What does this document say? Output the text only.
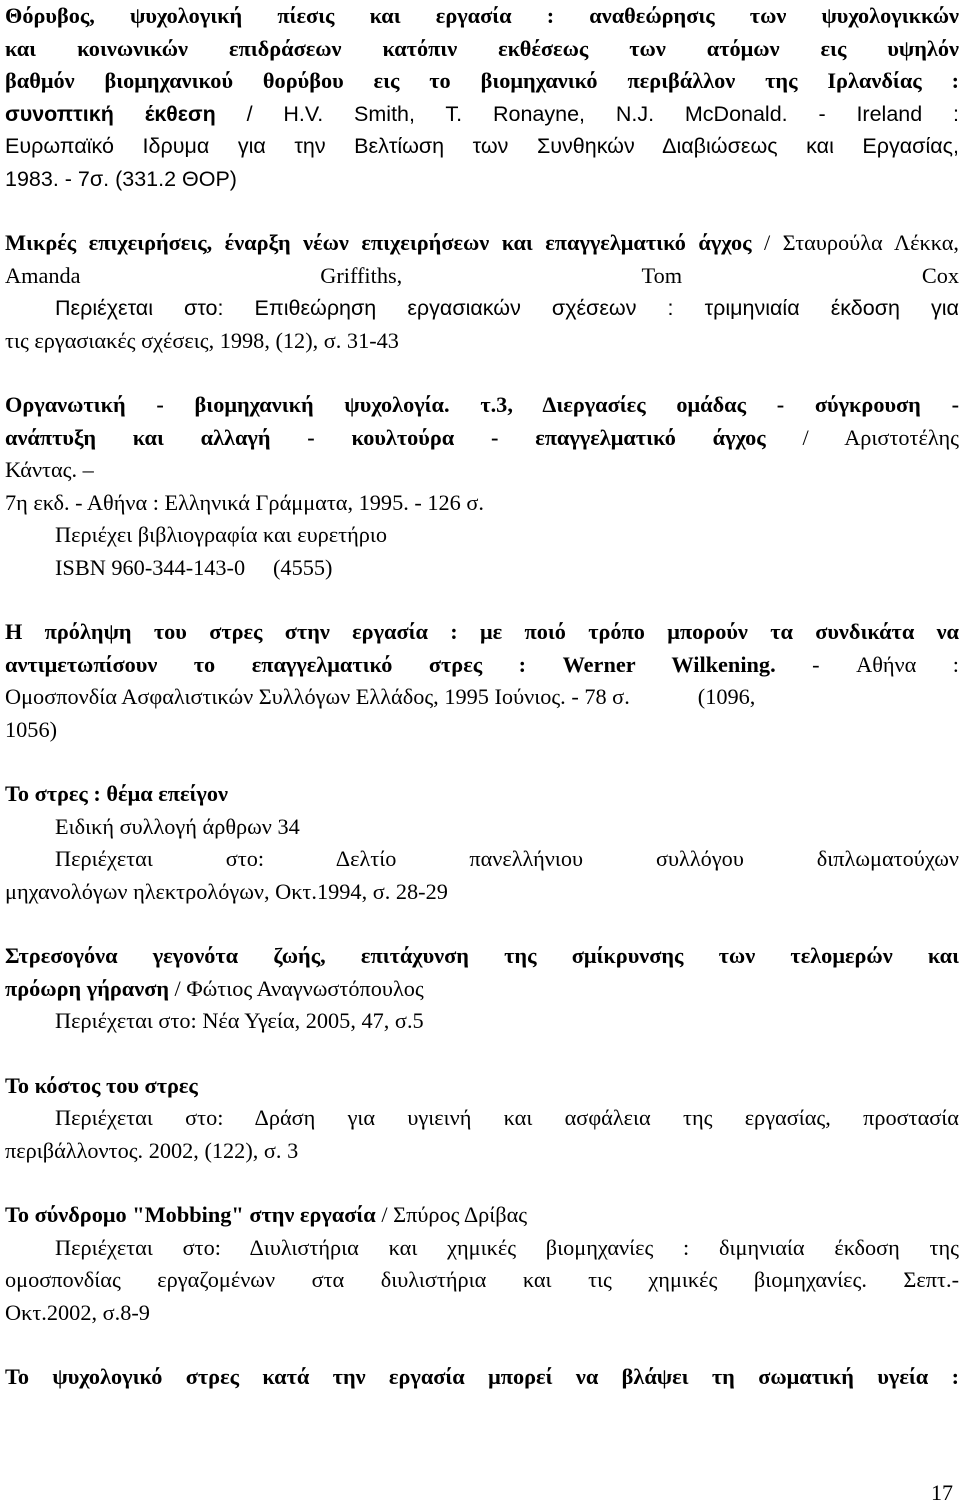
Θόρυβος, ψυχολογική πίεσις και εργασία : αναθεώρησις των ψυχολογικκών

και κοινωνικών επιδράσεων κατόπιν εκθέσεως των ατόμων εις υψηλόν

βαθμόν βιομηχανικού θορύβου εις το βιομηχανικό περιβάλλον της Ιρλανδίας :

συνοπτική έκθεση / H.V. Smith, T. Ronayne, N.J. McDonald. - Ireland :

Ευρωπαϊκό Ιδρυμα για την Βελτίωση των Συνθηκών Διαβιώσεως και Εργασίας,

1983. - 7σ. (331.2 ΘΟΡ)

Μικρές επιχειρήσεις, έναρξη νέων επιχειρήσεων και επαγγελματικό άγχος / Σταυρούλα Λέκκα, Amanda Griffiths, Tom Cox

Περιέχεται στο: Επιθεώρηση εργασιακών σχέσεων : τριμηνιαία έκδοση για

τις εργασιακές σχέσεις, 1998, (12), σ. 31-43

Οργανωτική - βιομηχανική ψυχολογία. τ.3, Διεργασίες ομάδας - σύγκρουση -

ανάπτυξη και αλλαγή - κουλτούρα - επαγγελματικό άγχος / Αριστοτέλης

Κάντας. –

7η εκδ. - Αθήνα : Ελληνικά Γράμματα, 1995. - 126 σ.

Περιέχει βιβλιογραφία και ευρετήριο

ISBN 960-344-143-0     (4555)

Η πρόληψη του στρες στην εργασία : με ποιό τρόπο μπορούν τα συνδικάτα να

αντιμετωπίσουν το επαγγελματικό στρες : Werner Wilkening. - Αθήνα :

Ομοσπονδία Ασφαλιστικών Συλλόγων Ελλάδος, 1995 Ιούνιος. - 78 σ.	(1096,

1056)

Το στρες : θέμα επείγον

Ειδική συλλογή άρθρων 34

Περιέχεται στο: Δελτίο πανελλήνιου συλλόγου διπλωματούχων

μηχανολόγων ηλεκτρολόγων, Οκτ.1994, σ. 28-29

Στρεσογόνα γεγονότα ζωής, επιτάχυνση της σμίκρυνσης των τελομερών και

πρόωρη γήρανση / Φώτιος Αναγνωστόπουλος

Περιέχεται στο: Νέα Υγεία, 2005, 47, σ.5

Το κόστος του στρες

Περιέχεται στο: Δράση για υγιεινή και ασφάλεια της εργασίας, προστασία

περιβάλλοντος. 2002, (122), σ. 3

Το σύνδρομο "Mobbing" στην εργασία / Σπύρος Δρίβας

Περιέχεται στο: Διυλιστήρια και χημικές βιομηχανίες : διμηνιαία έκδοση της

ομοσπονδίας εργαζομένων στα διυλιστήρια και τις χημικές βιομηχανίες. Σεπτ.-

Οκτ.2002, σ.8-9

Το ψυχολογικό στρες κατά την εργασία μπορεί να βλάψει τη σωματική υγεία :

17
